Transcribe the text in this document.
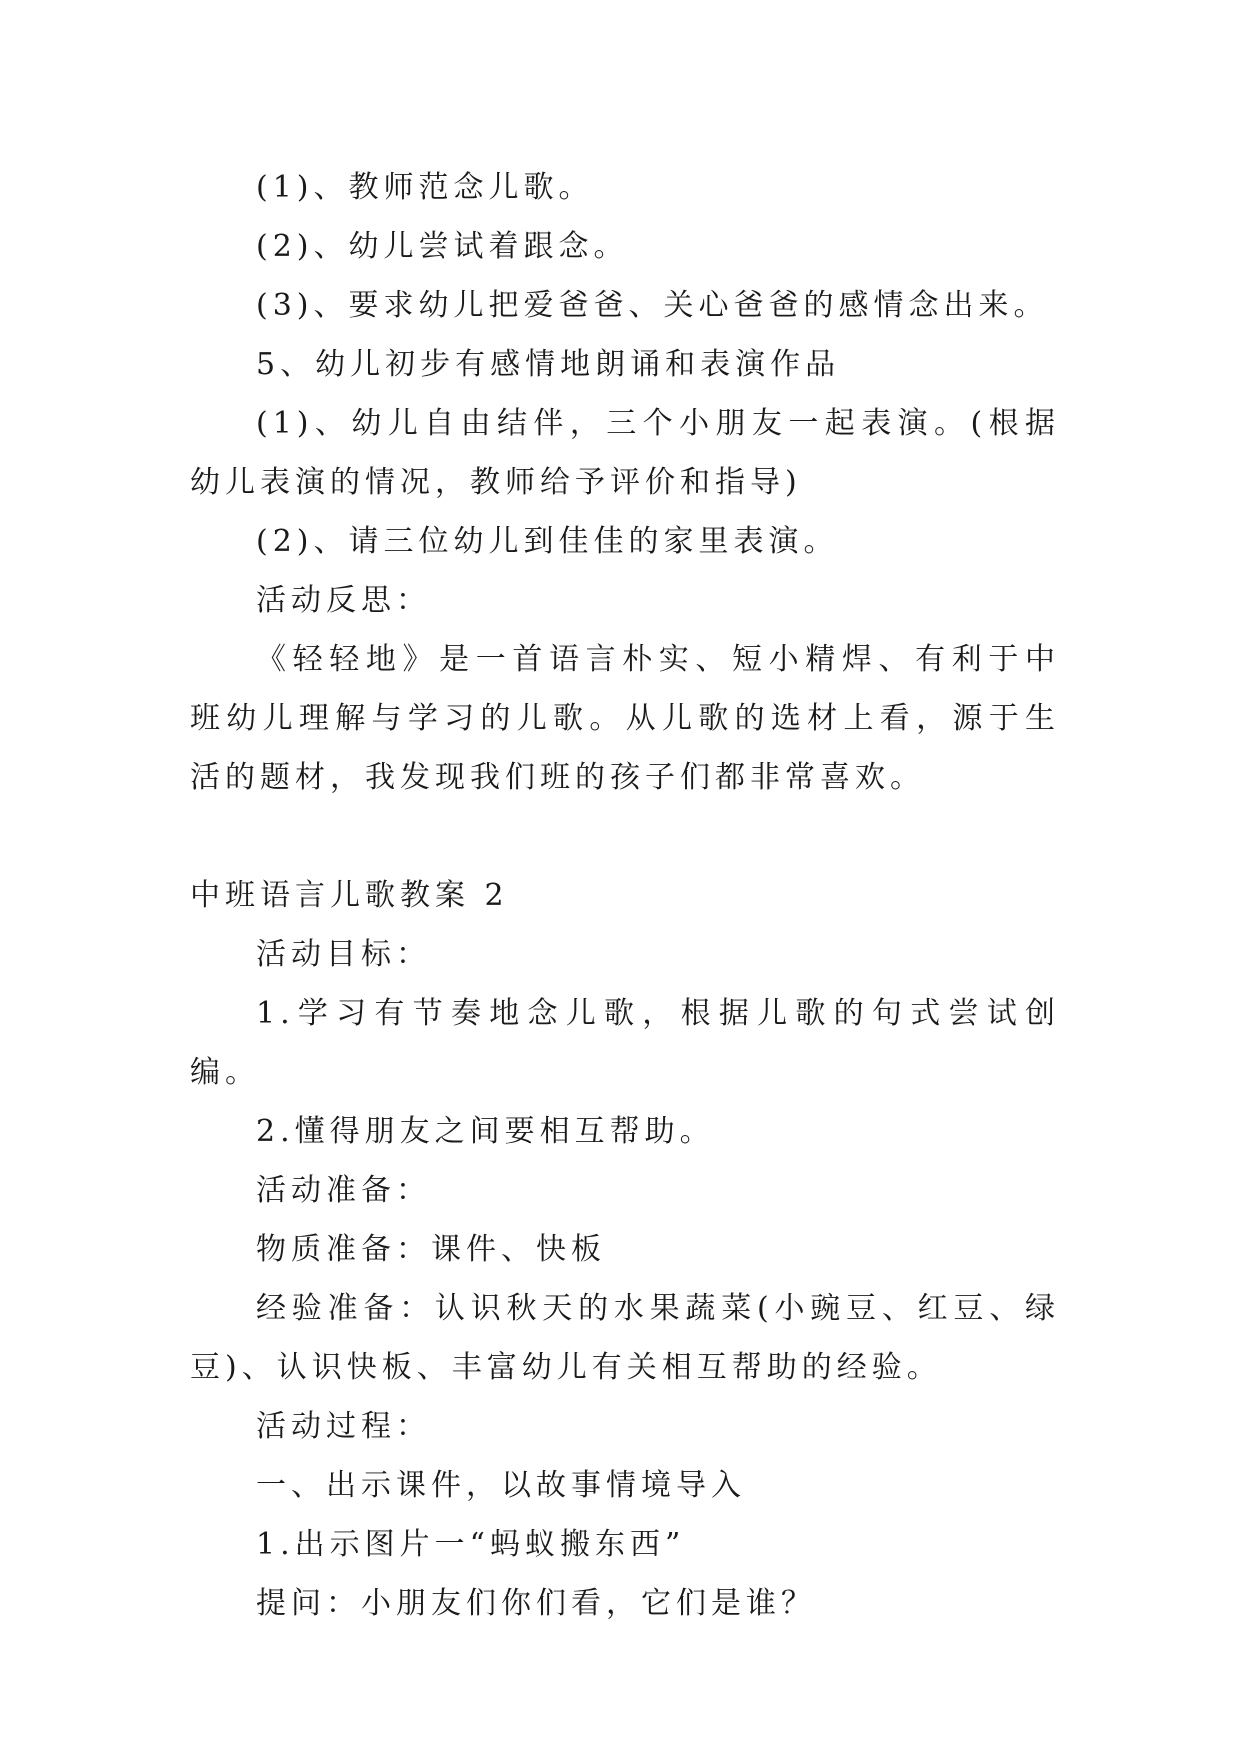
(1)、教师范念儿歌。

(2)、幼儿尝试着跟念。

(3)、要求幼儿把爱爸爸、关心爸爸的感情念出来。

5、幼儿初步有感情地朗诵和表演作品

(1)、幼儿自由结伴，三个小朋友一起表演。(根据幼儿表演的情况，教师给予评价和指导)

(2)、请三位幼儿到佳佳的家里表演。

活动反思：

《轻轻地》是一首语言朴实、短小精焊、有利于中班幼儿理解与学习的儿歌。从儿歌的选材上看，源于生活的题材，我发现我们班的孩子们都非常喜欢。

中班语言儿歌教案 2

活动目标：

1.学习有节奏地念儿歌，根据儿歌的句式尝试创编。

2.懂得朋友之间要相互帮助。

活动准备：

物质准备：课件、快板

经验准备：认识秋天的水果蔬菜(小豌豆、红豆、绿豆)、认识快板、丰富幼儿有关相互帮助的经验。

活动过程：

一、出示课件，以故事情境导入

1.出示图片一“蚂蚁搬东西”

提问：小朋友们你们看，它们是谁？
